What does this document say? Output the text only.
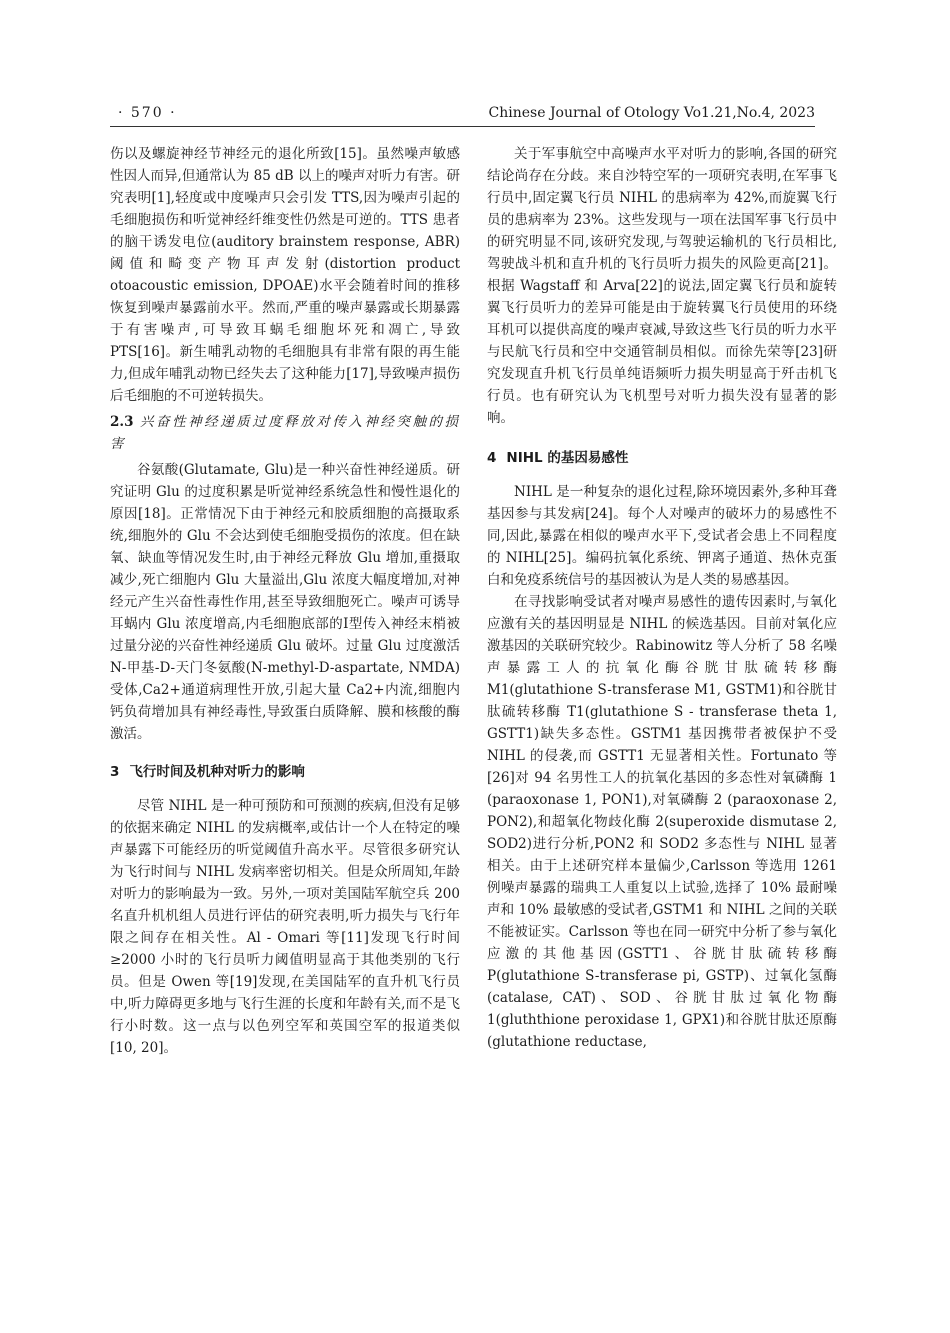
· 570 ·	Chinese Journal of Otology Vo1.21,No.4, 2023

伤以及螺旋神经节神经元的退化所致[15]。虽然噪声敏感性因人而异,但通常认为 85 dB 以上的噪声对听力有害。研究表明[1],轻度或中度噪声只会引发 TTS,因为噪声引起的毛细胞损伤和听觉神经纤维变性仍然是可逆的。TTS 患者的脑干诱发电位(auditory brainstem response, ABR)阈值和畸变产物耳声发射(distortion product otoacoustic emission, DPOAE)水平会随着时间的推移恢复到噪声暴露前水平。然而,严重的噪声暴露或长期暴露于有害噪声,可导致耳蜗毛细胞坏死和凋亡,导致 PTS[16]。新生哺乳动物的毛细胞具有非常有限的再生能力,但成年哺乳动物已经失去了这种能力[17],导致噪声损伤后毛细胞的不可逆转损失。

2.3 兴奋性神经递质过度释放对传入神经突触的损害

谷氨酸(Glutamate, Glu)是一种兴奋性神经递质。研究证明 Glu 的过度积累是听觉神经系统急性和慢性退化的原因[18]。正常情况下由于神经元和胶质细胞的高摄取系统,细胞外的 Glu 不会达到使毛细胞受损伤的浓度。但在缺氧、缺血等情况发生时,由于神经元释放 Glu 增加,重摄取减少,死亡细胞内 Glu 大量溢出,Glu 浓度大幅度增加,对神经元产生兴奋性毒性作用,甚至导致细胞死亡。噪声可诱导耳蜗内 Glu 浓度增高,内毛细胞底部的Ⅰ型传入神经末梢被过量分泌的兴奋性神经递质 Glu 破坏。过量 Glu 过度激活 N-甲基-D-天门冬氨酸(N-methyl-D-aspartate, NMDA)受体,Ca2+通道病理性开放,引起大量 Ca2+内流,细胞内钙负荷增加具有神经毒性,导致蛋白质降解、膜和核酸的酶激活。

3 飞行时间及机种对听力的影响

尽管 NIHL 是一种可预防和可预测的疾病,但没有足够的依据来确定 NIHL 的发病概率,或估计一个人在特定的噪声暴露下可能经历的听觉阈值升高水平。尽管很多研究认为飞行时间与 NIHL 发病率密切相关。但是众所周知,年龄对听力的影响最为一致。另外,一项对美国陆军航空兵 200 名直升机机组人员进行评估的研究表明,听力损失与飞行年限之间存在相关性。Al - Omari 等[11]发现飞行时间≥2000 小时的飞行员听力阈值明显高于其他类别的飞行员。但是 Owen 等[19]发现,在美国陆军的直升机飞行员中,听力障碍更多地与飞行生涯的长度和年龄有关,而不是飞行小时数。这一点与以色列空军和英国空军的报道类似[10, 20]。

关于军事航空中高噪声水平对听力的影响,各国的研究结论尚存在分歧。来自沙特空军的一项研究表明,在军事飞行员中,固定翼飞行员 NIHL 的患病率为 42%,而旋翼飞行员的患病率为 23%。这些发现与一项在法国军事飞行员中的研究明显不同,该研究发现,与驾驶运输机的飞行员相比,驾驶战斗机和直升机的飞行员听力损失的风险更高[21]。根据 Wagstaff 和 Arva[22]的说法,固定翼飞行员和旋转翼飞行员听力的差异可能是由于旋转翼飞行员使用的环绕耳机可以提供高度的噪声衰减,导致这些飞行员的听力水平与民航飞行员和空中交通管制员相似。而徐先荣等[23]研究发现直升机飞行员单纯语频听力损失明显高于歼击机飞行员。也有研究认为飞机型号对听力损失没有显著的影响。

4 NIHL 的基因易感性

NIHL 是一种复杂的退化过程,除环境因素外,多种耳聋基因参与其发病[24]。每个人对噪声的破坏力的易感性不同,因此,暴露在相似的噪声水平下,受试者会患上不同程度的 NIHL[25]。编码抗氧化系统、钾离子通道、热休克蛋白和免疫系统信号的基因被认为是人类的易感基因。

在寻找影响受试者对噪声易感性的遗传因素时,与氧化应激有关的基因明显是 NIHL 的候选基因。目前对氧化应激基因的关联研究较少。Rabinowitz 等人分析了 58 名噪声暴露工人的抗氧化酶谷胱甘肽硫转移酶 M1(glutathione S-transferase M1, GSTM1)和谷胱甘肽硫转移酶 T1(glutathione S - transferase theta 1, GSTT1)缺失多态性。GSTM1 基因携带者被保护不受 NIHL 的侵袭,而 GSTT1 无显著相关性。Fortunato 等[26]对 94 名男性工人的抗氧化基因的多态性对氧磷酶 1 (paraoxonase 1, PON1),对氧磷酶 2 (paraoxonase 2, PON2),和超氧化物歧化酶 2(superoxide dismutase 2, SOD2)进行分析,PON2 和 SOD2 多态性与 NIHL 显著相关。由于上述研究样本量偏少,Carlsson 等选用 1261 例噪声暴露的瑞典工人重复以上试验,选择了 10% 最耐噪声和 10% 最敏感的受试者,GSTM1 和 NIHL 之间的关联不能被证实。Carlsson 等也在同一研究中分析了参与氧化应激的其他基因(GSTT1、谷胱甘肽硫转移酶 P(glutathione S-transferase pi, GSTP)、过氧化氢酶(catalase, CAT)、SOD、谷胱甘肽过氧化物酶 1(gluththione peroxidase 1, GPX1)和谷胱甘肽还原酶(glutathione reductase,
